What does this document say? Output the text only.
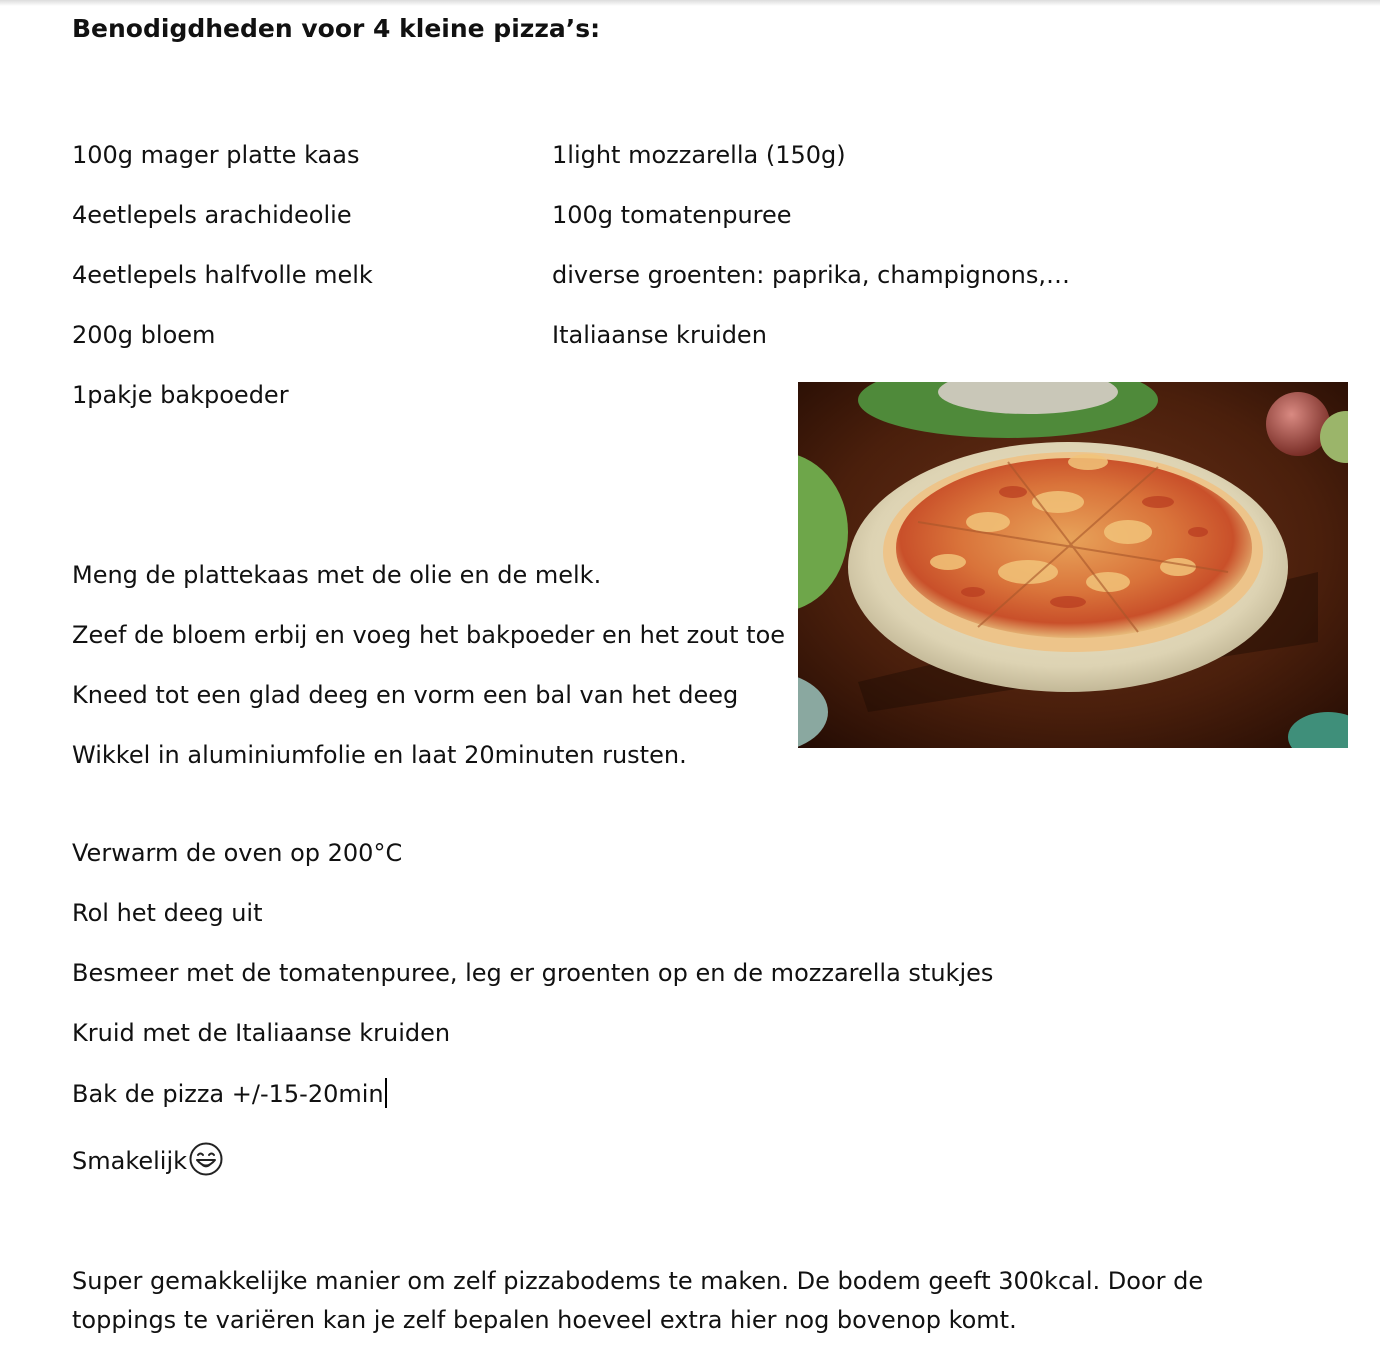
Benodigdheden voor 4 kleine pizza’s:
100g mager platte kaas
4eetlepels arachideolie
4eetlepels halfvolle melk
200g bloem
1pakje bakpoeder
1light mozzarella (150g)
100g tomatenpuree
diverse groenten: paprika, champignons,…
Italiaanse kruiden
Meng de plattekaas met de olie en de melk.
Zeef de bloem erbij en voeg het bakpoeder en het zout toe
Kneed tot een glad deeg en vorm een bal van het deeg
Wikkel in aluminiumfolie en laat 20minuten rusten.
Verwarm de oven op 200°C
Rol het deeg uit
Besmeer met de tomatenpuree, leg er groenten op en de mozzarella stukjes
Kruid met de Italiaanse kruiden
Bak de pizza +/-15-20min
Smakelijk
Super gemakkelijke manier om zelf pizzabodems te maken. De bodem geeft 300kcal. Door de toppings te variëren kan je zelf bepalen hoeveel extra hier nog bovenop komt.
